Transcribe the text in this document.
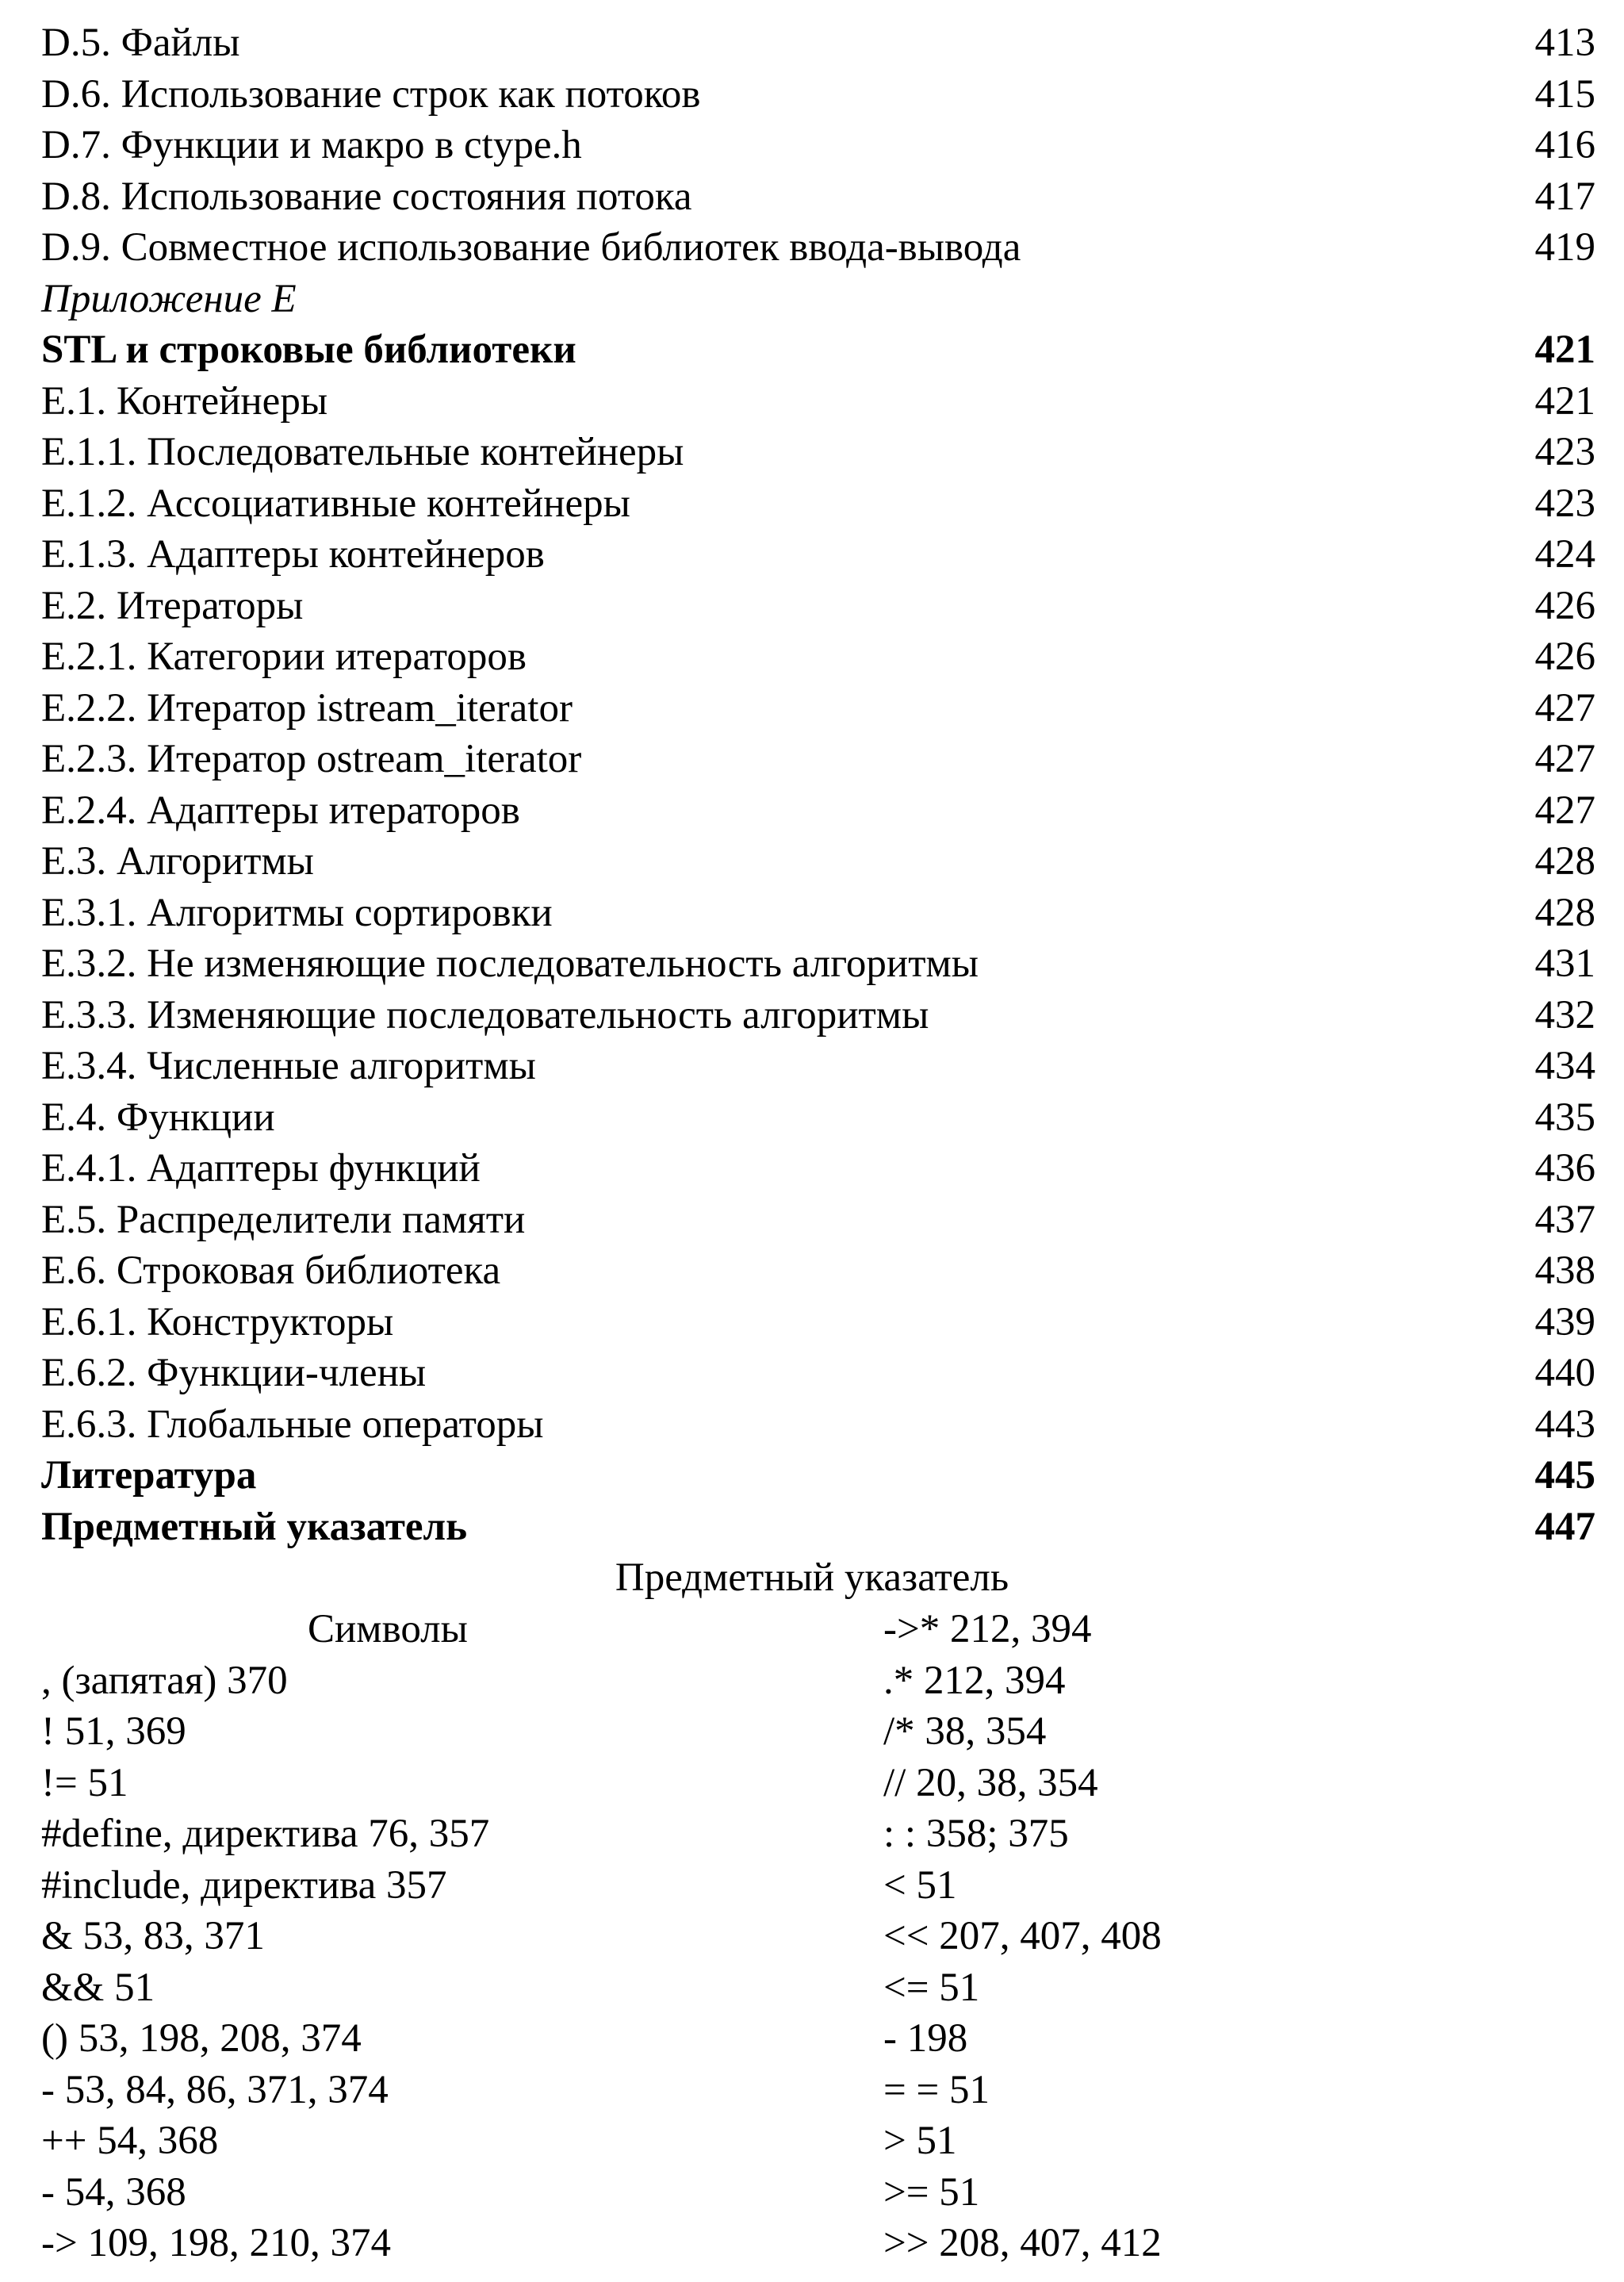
D.5. Файлы	413
D.6. Использование строк как потоков	415
D.7. Функции и макро в ctype.h	416
D.8. Использование состояния потока	417
D.9. Совместное использование библиотек ввода-вывода	419
Приложение E
STL и строковые библиотеки	421
E.1. Контейнеры	421
E.1.1. Последовательные контейнеры	423
E.1.2. Ассоциативные контейнеры	423
E.1.3. Адаптеры контейнеров	424
E.2. Итераторы	426
E.2.1. Категории итераторов	426
E.2.2. Итератор istream_iterator	427
E.2.3. Итератор ostream_iterator	427
E.2.4. Адаптеры итераторов	427
E.3. Алгоритмы	428
E.3.1. Алгоритмы сортировки	428
E.3.2. Не изменяющие последовательность алгоритмы	431
E.3.3. Изменяющие последовательность алгоритмы	432
E.3.4. Численные алгоритмы	434
E.4. Функции	435
E.4.1. Адаптеры функций	436
E.5. Распределители памяти	437
E.6. Строковая библиотека	438
E.6.1. Конструкторы	439
E.6.2. Функции-члены	440
E.6.3. Глобальные операторы	443
Литература	445
Предметный указатель	447
Предметный указатель
Символы
, (запятая) 370
! 51, 369
!= 51
#define, директива 76, 357
#include, директива 357
& 53, 83, 371
&& 51
() 53, 198, 208, 374
- 53, 84, 86, 371, 374
++ 54, 368
- 54, 368
-> 109, 198, 210, 374
->* 212, 394
.* 212, 394
/* 38, 354
// 20, 38, 354
: : 358; 375
< 51
<< 207, 407, 408
<= 51
- 198
= = 51
> 51
>= 51
>> 208, 407, 412
